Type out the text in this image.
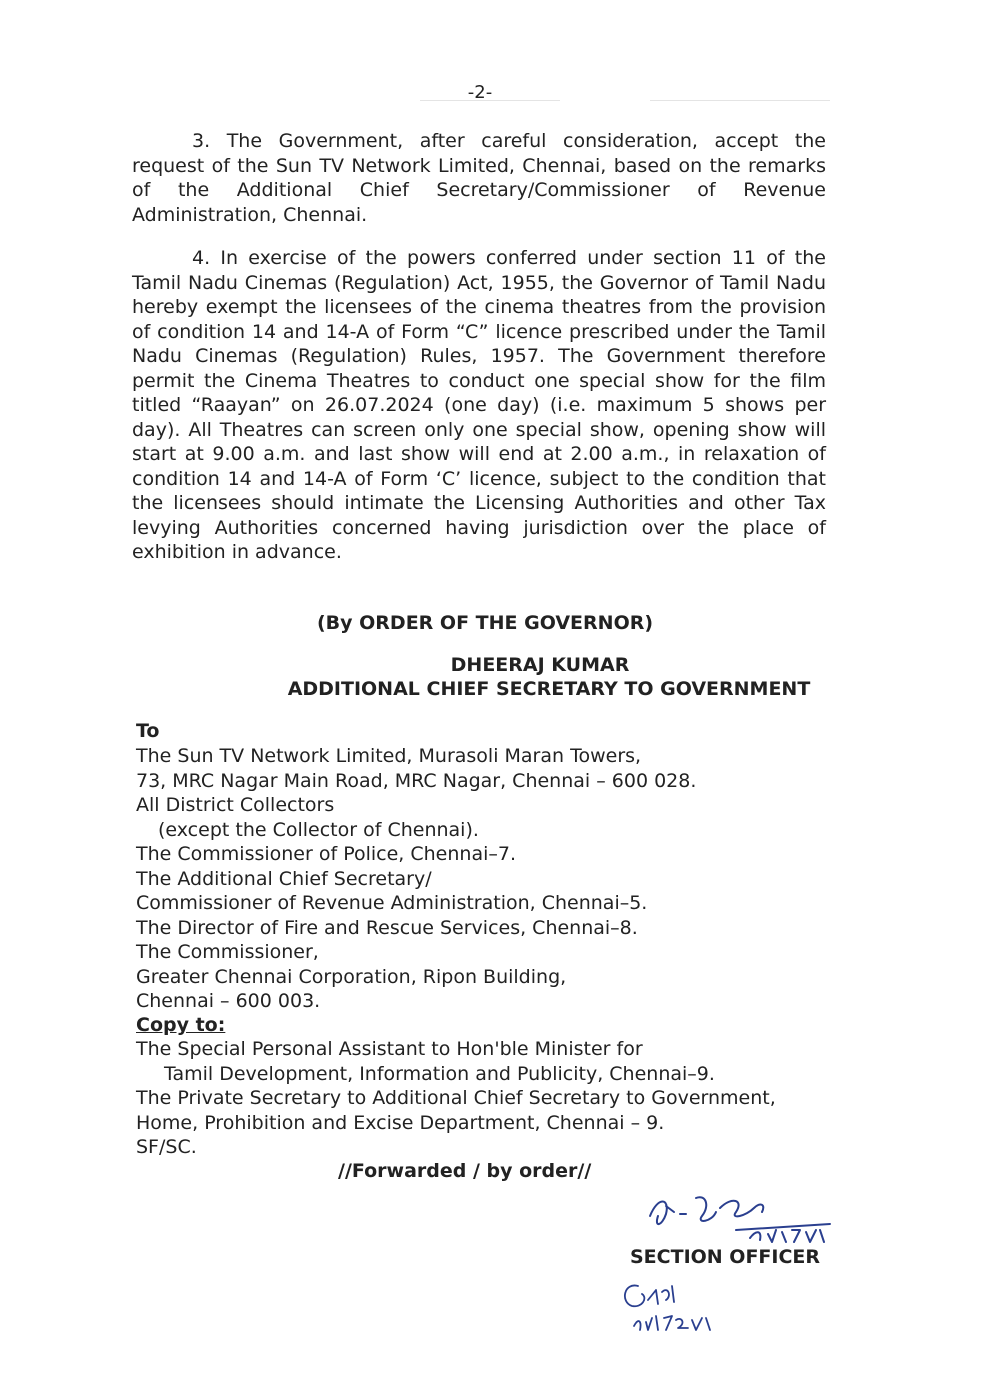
-2-

3. The Government, after careful consideration, accept the request of the Sun TV Network Limited, Chennai, based on the remarks of the Additional Chief Secretary/Commissioner of Revenue Administration, Chennai.

4. In exercise of the powers conferred under section 11 of the Tamil Nadu Cinemas (Regulation) Act, 1955, the Governor of Tamil Nadu hereby exempt the licensees of the cinema theatres from the provision of condition 14 and 14-A of Form “C” licence prescribed under the Tamil Nadu Cinemas (Regulation) Rules, 1957. The Government therefore permit the Cinema Theatres to conduct one special show for the film titled “Raayan” on 26.07.2024 (one day) (i.e. maximum 5 shows per day). All Theatres can screen only one special show, opening show will start at 9.00 a.m. and last show will end at 2.00 a.m., in relaxation of condition 14 and 14-A of Form ‘C’ licence, subject to the condition that the licensees should intimate the Licensing Authorities and other Tax levying Authorities concerned having jurisdiction over the place of exhibition in advance.

(By ORDER OF THE GOVERNOR)
DHEERAJ KUMAR
ADDITIONAL CHIEF SECRETARY TO GOVERNMENT
To
The Sun TV Network Limited, Murasoli Maran Towers,
73, MRC Nagar Main Road, MRC Nagar, Chennai – 600 028.
All District Collectors
(except the Collector of Chennai).
The Commissioner of Police, Chennai–7.
The Additional Chief Secretary/
Commissioner of Revenue Administration, Chennai–5.
The Director of Fire and Rescue Services, Chennai–8.
The Commissioner,
Greater Chennai Corporation, Ripon Building,
Chennai – 600 003.
Copy to:
The Special Personal Assistant to Hon'ble Minister for
Tamil Development, Information and Publicity, Chennai–9.
The Private Secretary to Additional Chief Secretary to Government,
Home, Prohibition and Excise Department, Chennai – 9.
SF/SC.
//Forwarded / by order//
SECTION OFFICER
